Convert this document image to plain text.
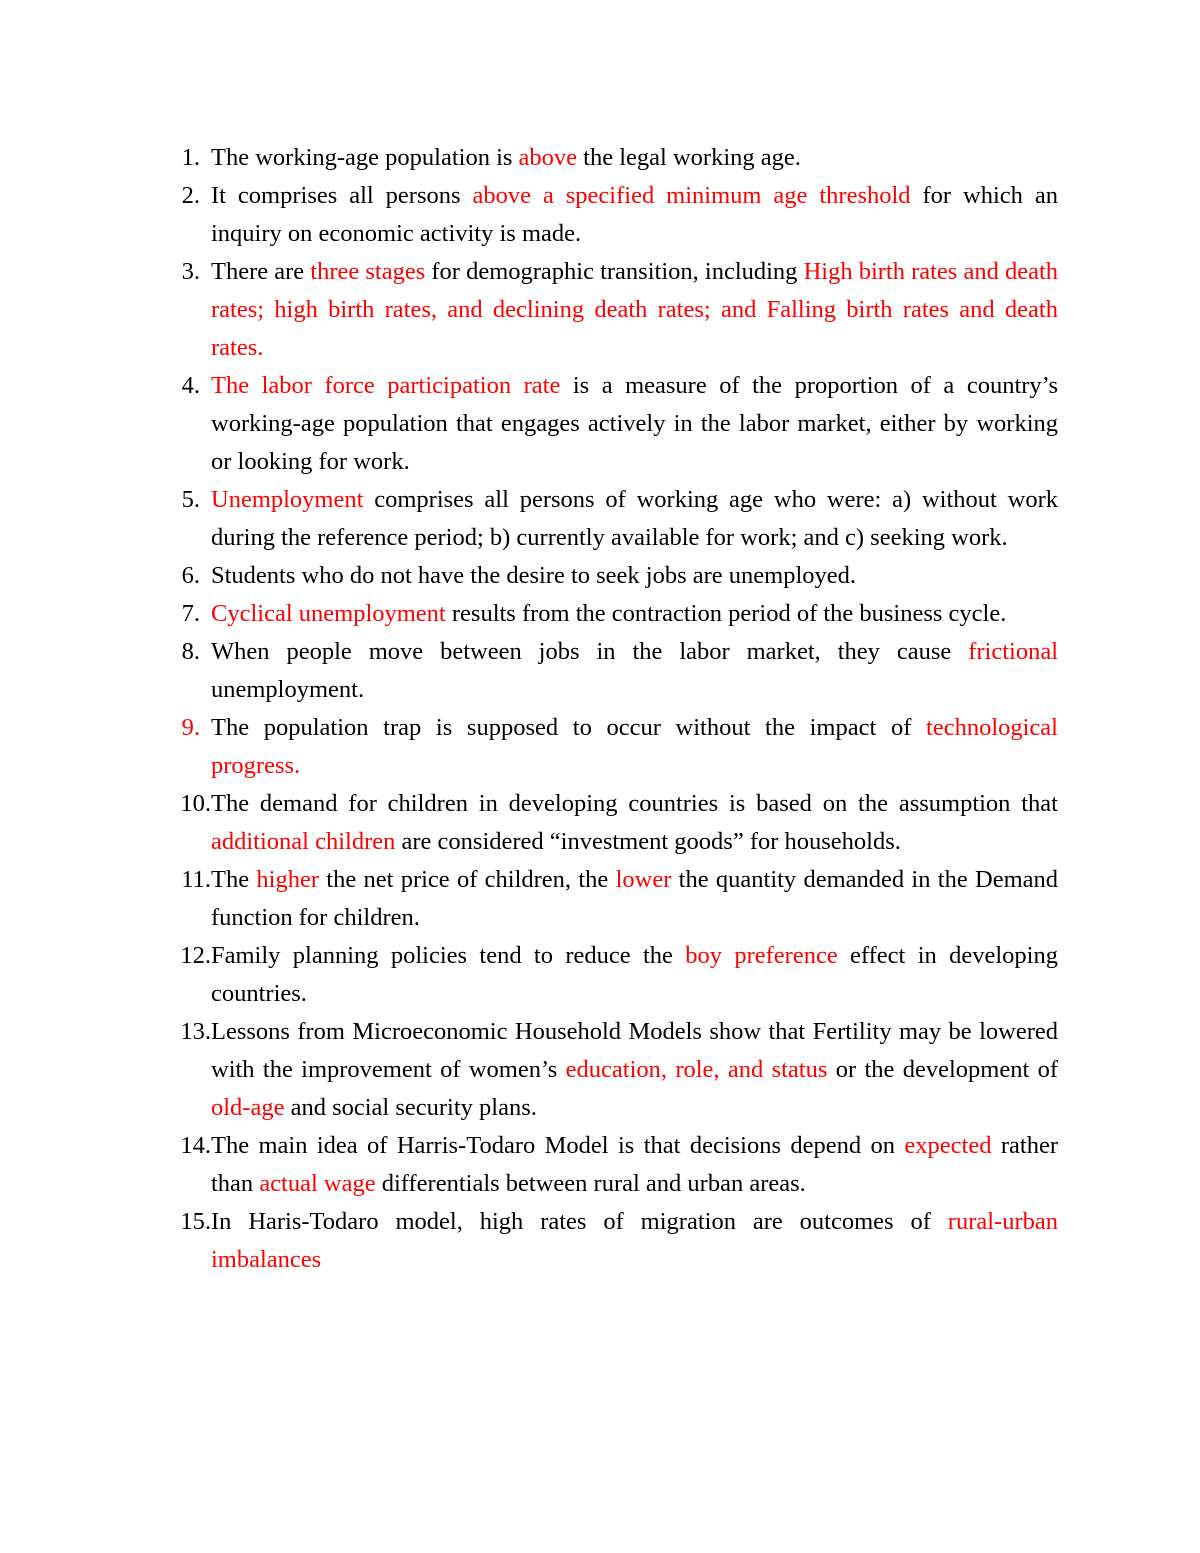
1. The working-age population is above the legal working age.
2. It comprises all persons above a specified minimum age threshold for which an inquiry on economic activity is made.
3. There are three stages for demographic transition, including High birth rates and death rates; high birth rates, and declining death rates; and Falling birth rates and death rates.
4. The labor force participation rate is a measure of the proportion of a country’s working-age population that engages actively in the labor market, either by working or looking for work.
5. Unemployment comprises all persons of working age who were: a) without work during the reference period; b) currently available for work; and c) seeking work.
6. Students who do not have the desire to seek jobs are unemployed.
7. Cyclical unemployment results from the contraction period of the business cycle.
8. When people move between jobs in the labor market, they cause frictional unemployment.
9. The population trap is supposed to occur without the impact of technological progress.
10. The demand for children in developing countries is based on the assumption that additional children are considered “investment goods” for households.
11. The higher the net price of children, the lower the quantity demanded in the Demand function for children.
12. Family planning policies tend to reduce the boy preference effect in developing countries.
13. Lessons from Microeconomic Household Models show that Fertility may be lowered with the improvement of women’s education, role, and status or the development of old-age and social security plans.
14. The main idea of Harris-Todaro Model is that decisions depend on expected rather than actual wage differentials between rural and urban areas.
15. In Haris-Todaro model, high rates of migration are outcomes of rural-urban imbalances
